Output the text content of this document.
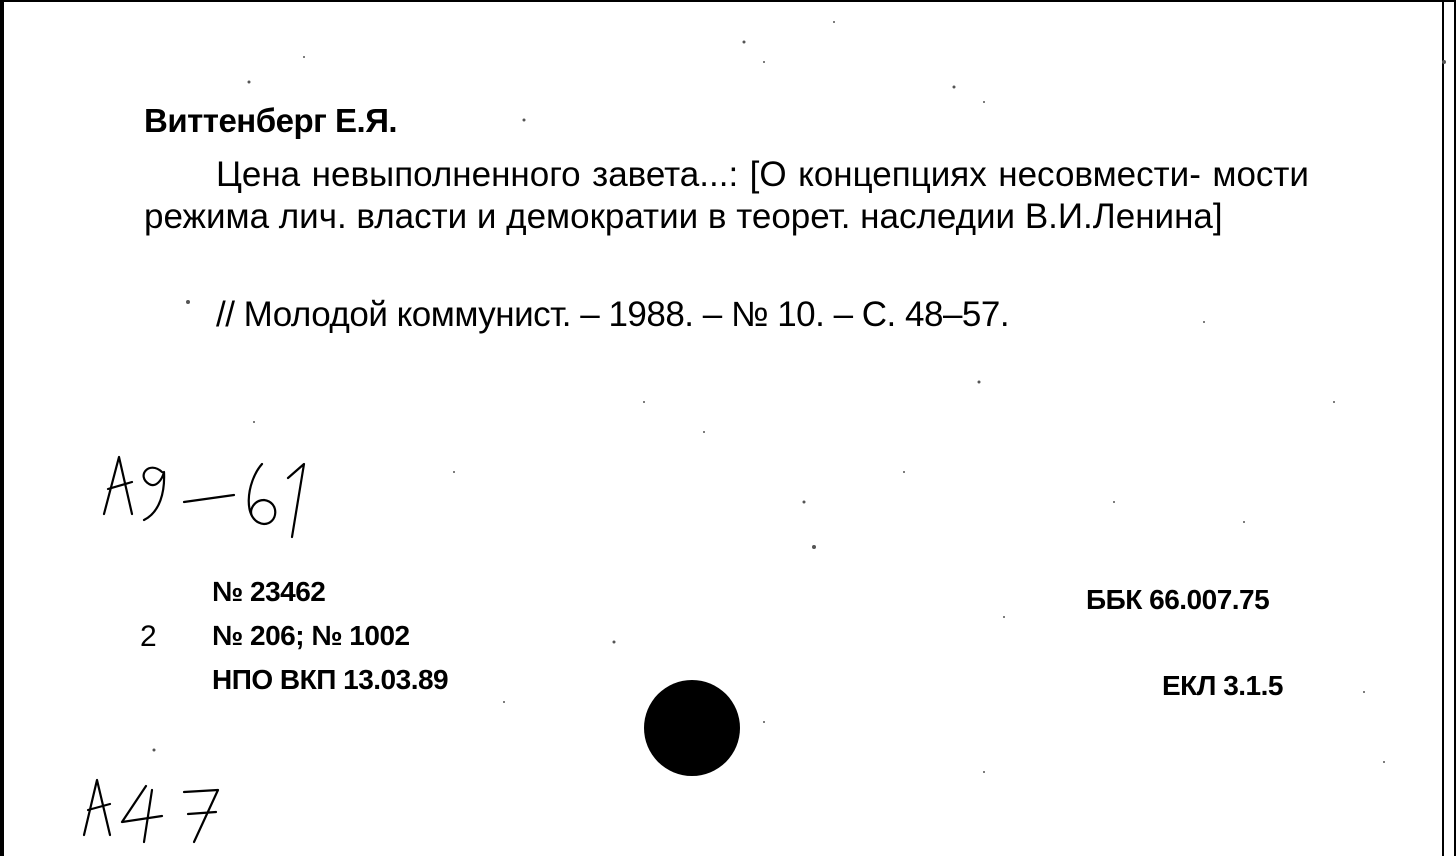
Виттенберг Е.Я.
Цена невыполненного завета...: [О концепциях несовмести- мости режима лич. власти и демократии в теорет. наследии В.И.Ленина]
// Молодой коммунист. – 1988. – № 10. – С. 48–57.
А9–61
А47
№ 23462
2 № 206; № 1002
НПО ВКП 13.03.89
ББК 66.007.75
ЕКЛ 3.1.5
